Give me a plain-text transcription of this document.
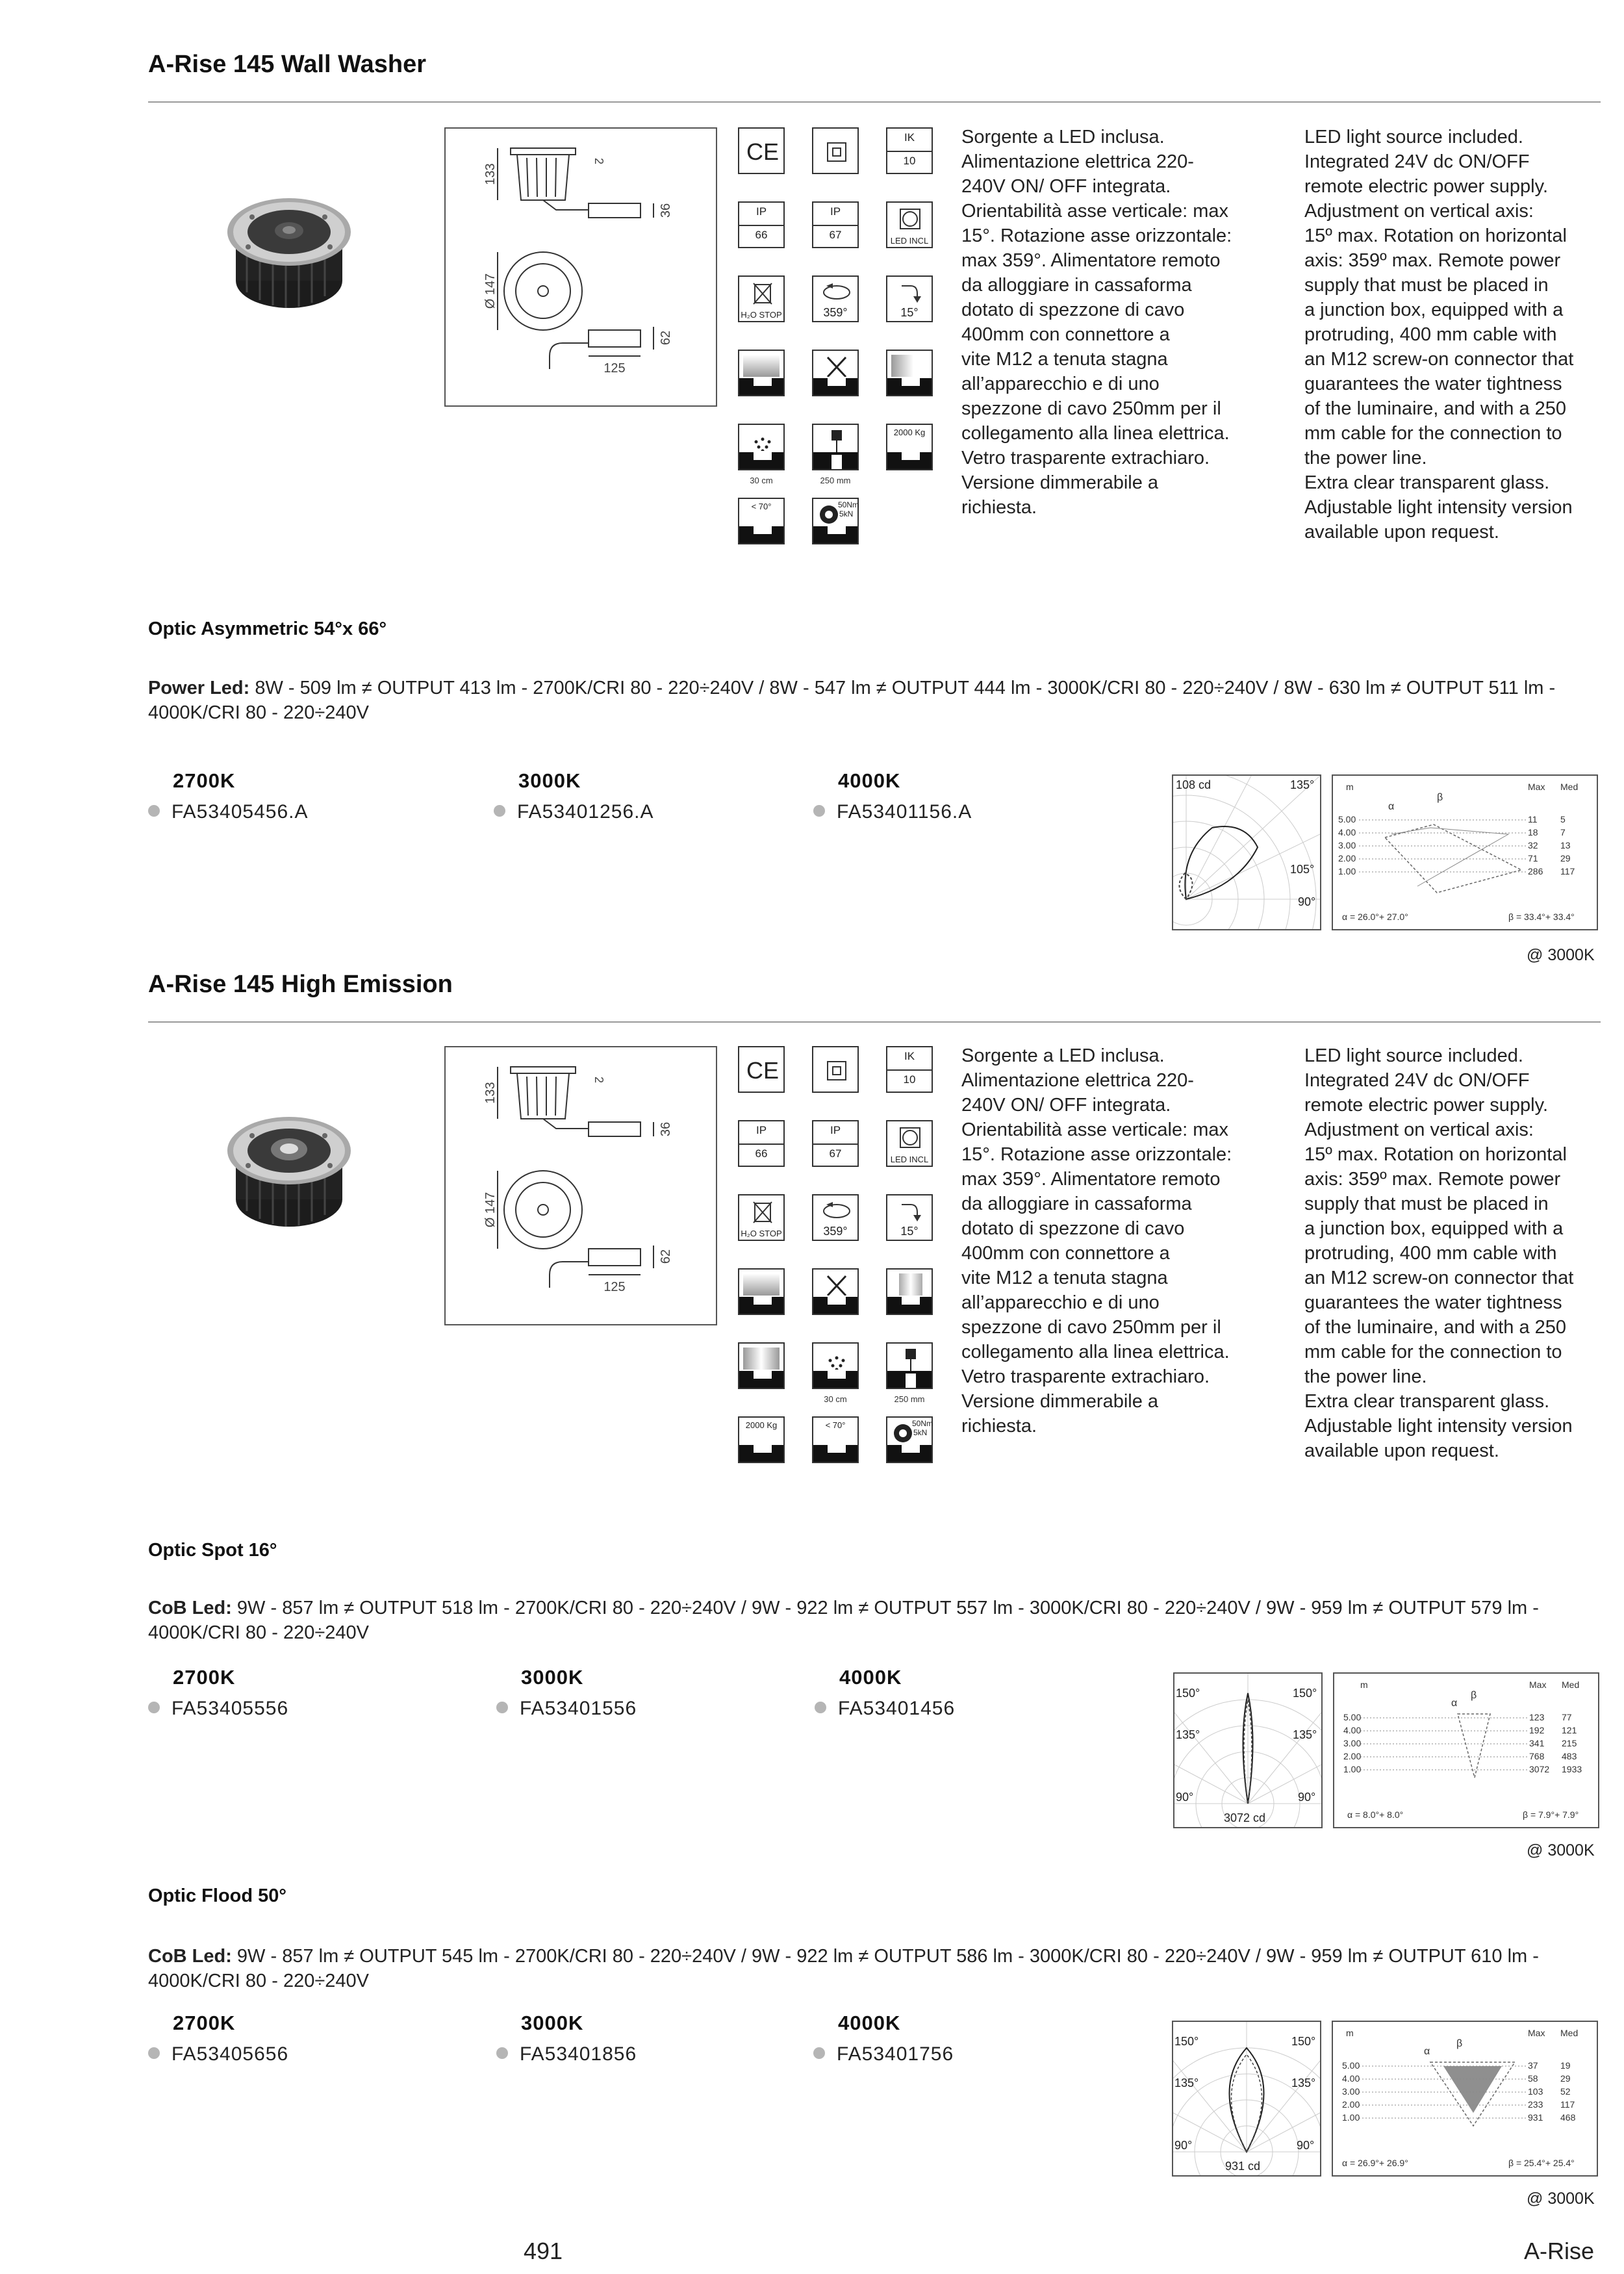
A-Rise 145 Wall Washer
133
2
36
Ø 147
62
125
CE
IK
10
IP
66
IP
67	LED INCL
H₂O STOP	359°	15°
2000 Kg
30 cm	250 mm
< 70°	50Nm
5kN
Sorgente a LED inclusa.
Alimentazione elettrica 220-
240V ON/ OFF integrata.
Orientabilità asse verticale: max
15°. Rotazione asse orizzontale:
max 359°. Alimentatore remoto
da alloggiare in cassaforma
dotato di spezzone di cavo
400mm con connettore a
vite M12 a tenuta stagna
all’apparecchio e di uno
spezzone di cavo 250mm per il
collegamento alla linea elettrica.
Vetro trasparente extrachiaro.
Versione dimmerabile a
richiesta.
LED light source included.
Integrated 24V dc ON/OFF
remote electric power supply.
Adjustment on vertical axis:
15º max. Rotation on horizontal
axis: 359º max. Remote power
supply that must be placed in
a junction box, equipped with a
protruding, 400 mm cable with
an M12 screw-on connector that
guarantees the water tightness
of the luminaire, and with a 250
mm cable for the connection to
the power line.
Extra clear transparent glass.
Adjustable light intensity version
available upon request.
Optic Asymmetric 54°x 66°
Power Led: 8W - 509 lm ≠ OUTPUT 413 lm - 2700K/CRI 80 - 220÷240V / 8W - 547 lm ≠ OUTPUT 444 lm - 3000K/CRI 80 - 220÷240V / 8W - 630 lm ≠ OUTPUT 511 lm - 4000K/CRI 80 - 220÷240V
2700K
FA53405456.A
3000K
FA53401256.A
4000K
FA53401156.A
108 cd	135°
105°
90°
m	Max Med
α
β
5.00	11	5
4.00	18 7
3.00	32 13
2.00	71 29
1.00	286 117
α = 26.0°+ 27.0°	β = 33.4°+ 33.4°
@ 3000K
A-Rise 145 High Emission
133
2
36
Ø 147
62
125
CE
IK
10
IP
66
IP
67	LED INCL
H₂O STOP	359°	15°
30 cm	250 mm
2000 Kg	< 70°	50Nm
5kN
Sorgente a LED inclusa.
Alimentazione elettrica 220-
240V ON/ OFF integrata.
Orientabilità asse verticale: max
15°. Rotazione asse orizzontale:
max 359°. Alimentatore remoto
da alloggiare in cassaforma
dotato di spezzone di cavo
400mm con connettore a
vite M12 a tenuta stagna
all’apparecchio e di uno
spezzone di cavo 250mm per il
collegamento alla linea elettrica.
Vetro trasparente extrachiaro.
Versione dimmerabile a
richiesta.
LED light source included.
Integrated 24V dc ON/OFF
remote electric power supply.
Adjustment on vertical axis:
15º max. Rotation on horizontal
axis: 359º max. Remote power
supply that must be placed in
a junction box, equipped with a
protruding, 400 mm cable with
an M12 screw-on connector that
guarantees the water tightness
of the luminaire, and with a 250
mm cable for the connection to
the power line.
Extra clear transparent glass.
Adjustable light intensity version
available upon request.
Optic Spot 16°
CoB Led: 9W - 857 lm ≠ OUTPUT 518 lm - 2700K/CRI 80 - 220÷240V / 9W - 922 lm ≠ OUTPUT 557 lm - 3000K/CRI 80 - 220÷240V / 9W - 959 lm ≠ OUTPUT 579 lm - 4000K/CRI 80 - 220÷240V
2700K
FA53405556
3000K
FA53401556
4000K
FA53401456
150°	150°
135°	135°
90°	90°
3072 cd
m	Max Med
α
β
5.00	123 77
4.00	192 121
3.00	341 215
2.00	768 483
1.00	3072 1933
α = 8.0°+ 8.0°	β = 7.9°+ 7.9°
@ 3000K
Optic Flood 50°
CoB Led: 9W - 857 lm ≠ OUTPUT 545 lm - 2700K/CRI 80 - 220÷240V / 9W - 922 lm ≠ OUTPUT 586 lm - 3000K/CRI 80 - 220÷240V / 9W - 959 lm ≠ OUTPUT 610 lm - 4000K/CRI 80 - 220÷240V
2700K
FA53405656
3000K
FA53401856
4000K
FA53401756
150°	150°
135°	135°
90°	90°
931 cd
m	Max Med
α
β
5.00	37 19
4.00	58 29
3.00	103 52
2.00	233 117
1.00	931 468
α = 26.9°+ 26.9°	β = 25.4°+ 25.4°
@ 3000K
491	A-Rise
